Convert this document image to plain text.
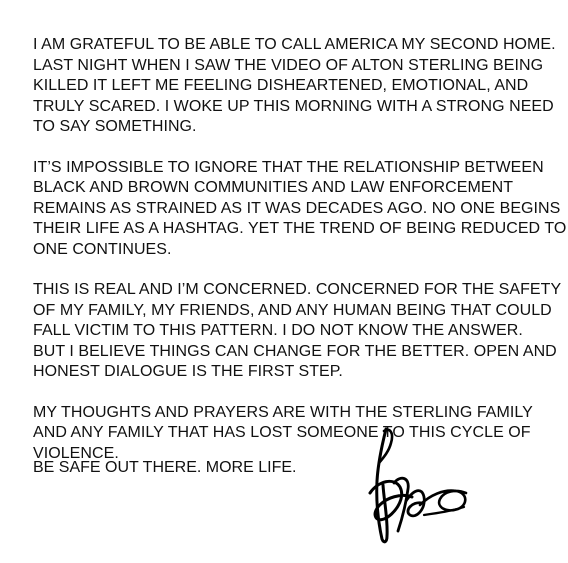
I AM GRATEFUL TO BE ABLE TO CALL AMERICA MY SECOND HOME.
LAST NIGHT WHEN I SAW THE VIDEO OF ALTON STERLING BEING
KILLED IT LEFT ME FEELING DISHEARTENED, EMOTIONAL, AND
TRULY SCARED. I WOKE UP THIS MORNING WITH A STRONG NEED
TO SAY SOMETHING.

IT’S IMPOSSIBLE TO IGNORE THAT THE RELATIONSHIP BETWEEN
BLACK AND BROWN COMMUNITIES AND LAW ENFORCEMENT
REMAINS AS STRAINED AS IT WAS DECADES AGO. NO ONE BEGINS
THEIR LIFE AS A HASHTAG. YET THE TREND OF BEING REDUCED TO
ONE CONTINUES.

THIS IS REAL AND I’M CONCERNED. CONCERNED FOR THE SAFETY
OF MY FAMILY, MY FRIENDS, AND ANY HUMAN BEING THAT COULD
FALL VICTIM TO THIS PATTERN. I DO NOT KNOW THE ANSWER.
BUT I BELIEVE THINGS CAN CHANGE FOR THE BETTER. OPEN AND
HONEST DIALOGUE IS THE FIRST STEP.

MY THOUGHTS AND PRAYERS ARE WITH THE STERLING FAMILY
AND ANY FAMILY THAT HAS LOST SOMEONE TO THIS CYCLE OF
VIOLENCE.

BE SAFE OUT THERE. MORE LIFE.
